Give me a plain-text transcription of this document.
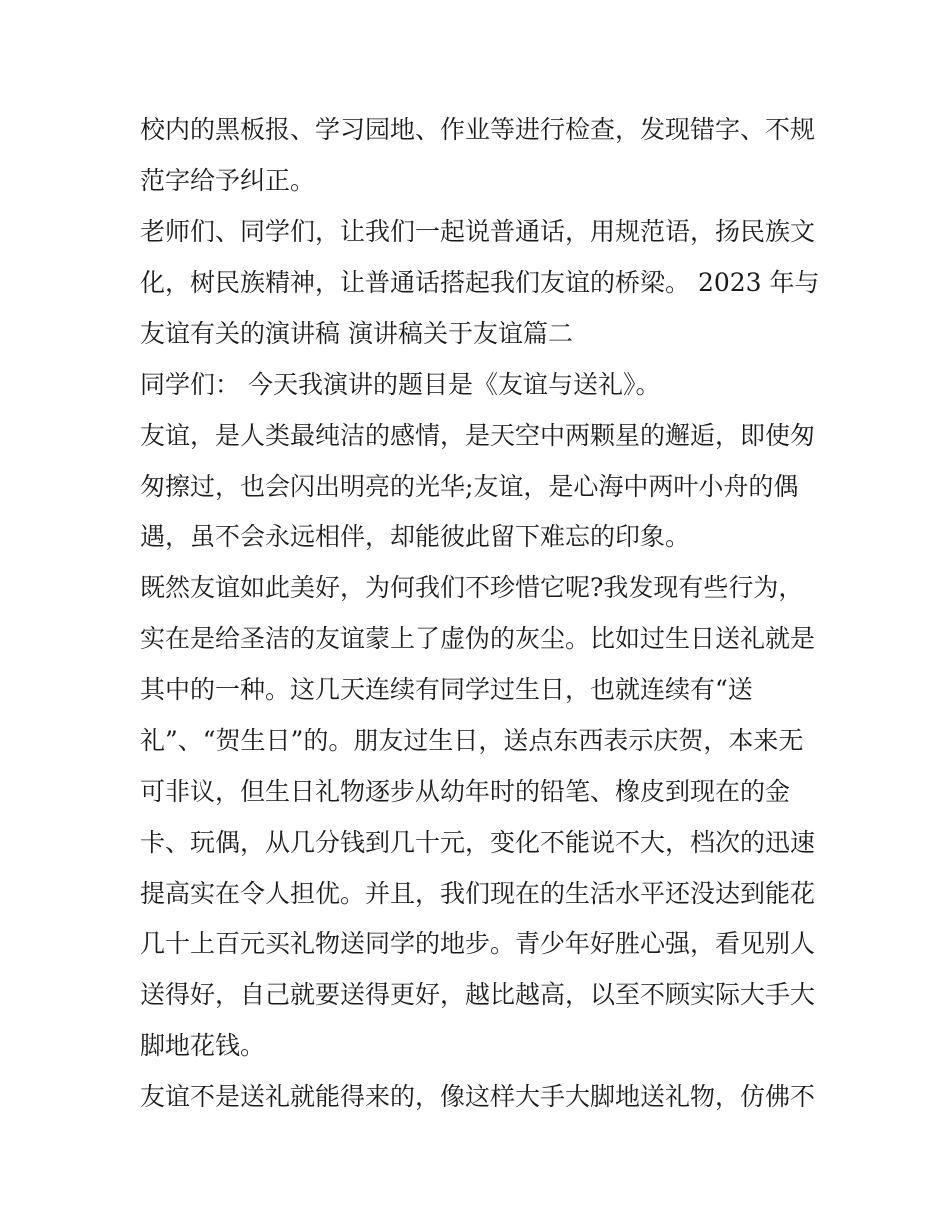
校内的黑板报、学习园地、作业等进行检查，发现错字、不规

范字给予纠正。

老师们、同学们，让我们一起说普通话，用规范语，扬民族文

化，树民族精神，让普通话搭起我们友谊的桥梁。 2023 年与

友谊有关的演讲稿 演讲稿关于友谊篇二

同学们： 今天我演讲的题目是《友谊与送礼》。

友谊，是人类最纯洁的感情，是天空中两颗星的邂逅，即使匆

匆擦过，也会闪出明亮的光华;友谊，是心海中两叶小舟的偶

遇，虽不会永远相伴，却能彼此留下难忘的印象。

既然友谊如此美好，为何我们不珍惜它呢?我发现有些行为，

实在是给圣洁的友谊蒙上了虚伪的灰尘。比如过生日送礼就是

其中的一种。这几天连续有同学过生日，也就连续有“送

礼”、“贺生日”的。朋友过生日，送点东西表示庆贺，本来无

可非议，但生日礼物逐步从幼年时的铅笔、橡皮到现在的金

卡、玩偶，从几分钱到几十元，变化不能说不大，档次的迅速

提高实在令人担优。并且，我们现在的生活水平还没达到能花

几十上百元买礼物送同学的地步。青少年好胜心强，看见别人

送得好，自己就要送得更好，越比越高，以至不顾实际大手大

脚地花钱。

友谊不是送礼就能得来的，像这样大手大脚地送礼物，仿佛不
